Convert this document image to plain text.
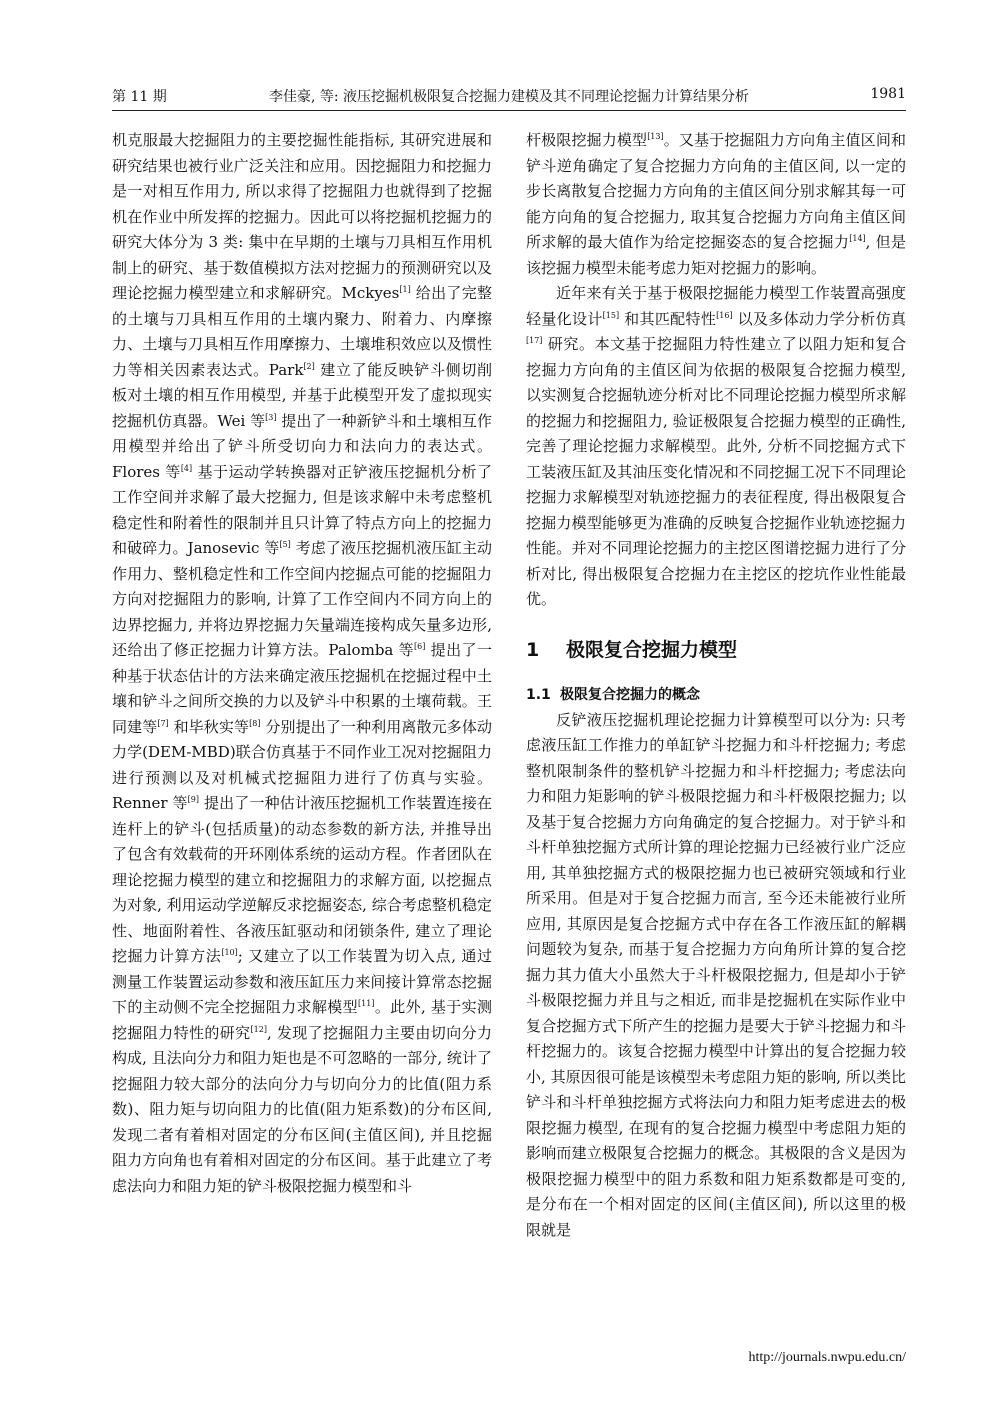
第 11 期	李佳豪, 等: 液压挖掘机极限复合挖掘力建模及其不同理论挖掘力计算结果分析	1981

机克服最大挖掘阻力的主要挖掘性能指标, 其研究进展和研究结果也被行业广泛关注和应用。因挖掘阻力和挖掘力是一对相互作用力, 所以求得了挖掘阻力也就得到了挖掘机在作业中所发挥的挖掘力。因此可以将挖掘机挖掘力的研究大体分为 3 类: 集中在早期的土壤与刀具相互作用机制上的研究、基于数值模拟方法对挖掘力的预测研究以及理论挖掘力模型建立和求解研究。Mckyes[1] 给出了完整的土壤与刀具相互作用的土壤内聚力、附着力、内摩擦力、土壤与刀具相互作用摩擦力、土壤堆积效应以及惯性力等相关因素表达式。Park[2] 建立了能反映铲斗侧切削板对土壤的相互作用模型, 并基于此模型开发了虚拟现实挖掘机仿真器。Wei 等[3] 提出了一种新铲斗和土壤相互作用模型并给出了铲斗所受切向力和法向力的表达式。Flores 等[4] 基于运动学转换器对正铲液压挖掘机分析了工作空间并求解了最大挖掘力, 但是该求解中未考虑整机稳定性和附着性的限制并且只计算了特点方向上的挖掘力和破碎力。Janosevic 等[5] 考虑了液压挖掘机液压缸主动作用力、整机稳定性和工作空间内挖掘点可能的挖掘阻力方向对挖掘阻力的影响, 计算了工作空间内不同方向上的边界挖掘力, 并将边界挖掘力矢量端连接构成矢量多边形, 还给出了修正挖掘力计算方法。Palomba 等[6] 提出了一种基于状态估计的方法来确定液压挖掘机在挖掘过程中土壤和铲斗之间所交换的力以及铲斗中积累的土壤荷载。王同建等[7] 和毕秋实等[8] 分别提出了一种利用离散元多体动力学(DEM-MBD)联合仿真基于不同作业工况对挖掘阻力进行预测以及对机械式挖掘阻力进行了仿真与实验。Renner 等[9] 提出了一种估计液压挖掘机工作装置连接在连杆上的铲斗(包括质量)的动态参数的新方法, 并推导出了包含有效载荷的开环刚体系统的运动方程。作者团队在理论挖掘力模型的建立和挖掘阻力的求解方面, 以挖掘点为对象, 利用运动学逆解反求挖掘姿态, 综合考虑整机稳定性、地面附着性、各液压缸驱动和闭锁条件, 建立了理论挖掘力计算方法[10]; 又建立了以工作装置为切入点, 通过测量工作装置运动参数和液压缸压力来间接计算常态挖掘下的主动侧不完全挖掘阻力求解模型[11]。此外, 基于实测挖掘阻力特性的研究[12], 发现了挖掘阻力主要由切向分力构成, 且法向分力和阻力矩也是不可忽略的一部分, 统计了挖掘阻力较大部分的法向分力与切向分力的比值(阻力系数)、阻力矩与切向阻力的比值(阻力矩系数)的分布区间, 发现二者有着相对固定的分布区间(主值区间), 并且挖掘阻力方向角也有着相对固定的分布区间。基于此建立了考虑法向力和阻力矩的铲斗极限挖掘力模型和斗

杆极限挖掘力模型[13]。又基于挖掘阻力方向角主值区间和铲斗逆角确定了复合挖掘力方向角的主值区间, 以一定的步长离散复合挖掘力方向角的主值区间分别求解其每一可能方向角的复合挖掘力, 取其复合挖掘力方向角主值区间所求解的最大值作为给定挖掘姿态的复合挖掘力[14], 但是该挖掘力模型未能考虑力矩对挖掘力的影响。

近年来有关于基于极限挖掘能力模型工作装置高强度轻量化设计[15] 和其匹配特性[16] 以及多体动力学分析仿真[17] 研究。本文基于挖掘阻力特性建立了以阻力矩和复合挖掘力方向角的主值区间为依据的极限复合挖掘力模型, 以实测复合挖掘轨迹分析对比不同理论挖掘力模型所求解的挖掘力和挖掘阻力, 验证极限复合挖掘力模型的正确性, 完善了理论挖掘力求解模型。此外, 分析不同挖掘方式下工装液压缸及其油压变化情况和不同挖掘工况下不同理论挖掘力求解模型对轨迹挖掘力的表征程度, 得出极限复合挖掘力模型能够更为准确的反映复合挖掘作业轨迹挖掘力性能。并对不同理论挖掘力的主挖区图谱挖掘力进行了分析对比, 得出极限复合挖掘力在主挖区的挖坑作业性能最优。

1 极限复合挖掘力模型
1.1 极限复合挖掘力的概念

反铲液压挖掘机理论挖掘力计算模型可以分为: 只考虑液压缸工作推力的单缸铲斗挖掘力和斗杆挖掘力; 考虑整机限制条件的整机铲斗挖掘力和斗杆挖掘力; 考虑法向力和阻力矩影响的铲斗极限挖掘力和斗杆极限挖掘力; 以及基于复合挖掘力方向角确定的复合挖掘力。对于铲斗和斗杆单独挖掘方式所计算的理论挖掘力已经被行业广泛应用, 其单独挖掘方式的极限挖掘力也已被研究领域和行业所采用。但是对于复合挖掘力而言, 至今还未能被行业所应用, 其原因是复合挖掘方式中存在各工作液压缸的解耦问题较为复杂, 而基于复合挖掘力方向角所计算的复合挖掘力其力值大小虽然大于斗杆极限挖掘力, 但是却小于铲斗极限挖掘力并且与之相近, 而非是挖掘机在实际作业中复合挖掘方式下所产生的挖掘力是要大于铲斗挖掘力和斗杆挖掘力的。该复合挖掘力模型中计算出的复合挖掘力较小, 其原因很可能是该模型未考虑阻力矩的影响, 所以类比铲斗和斗杆单独挖掘方式将法向力和阻力矩考虑进去的极限挖掘力模型, 在现有的复合挖掘力模型中考虑阻力矩的影响而建立极限复合挖掘力的概念。其极限的含义是因为极限挖掘力模型中的阻力系数和阻力矩系数都是可变的, 是分布在一个相对固定的区间(主值区间), 所以这里的极限就是

http://journals.nwpu.edu.cn/
